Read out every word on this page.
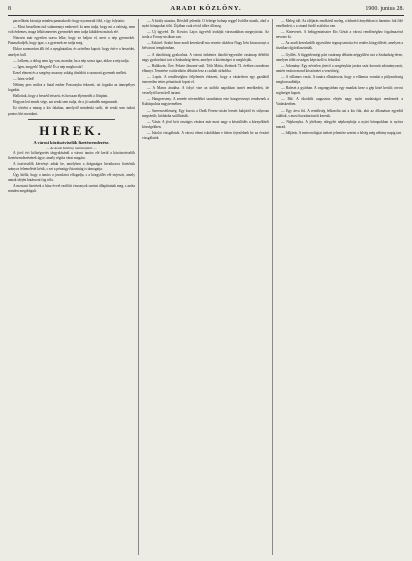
8	ARADI KÖZLÖNY.	1900. junius 28.

parcellázás kiosztja minden panaszkodó: hogy nyomorult föld, s így folytatta:

— Most beszéltem tud valamennyi emberrel: ki nem tudja, hogy mi a valóság, nem volt érdemes, maga lelkiismeretes gyermekét nem tudja kiküldeni mások elé.

Nincsen már egyetlen szava lelke, hogy ez haljon el, mert a nép gyermekét. Panaszkodjék, hogy igaz, s a gyermek ne tudja meg.

Ekkor szomorúan állt fel a nyughatatlan, és szívéhez kapott: hogy érti-e a beszédet, amelyet hall.

— Lelkem, a dolog nem így van, mondta; ha a nép szava igaz, akkor a nép tudja.

— Igen, megyek! Megyek! És a nép megbocsát!

Ezzel elment és a szegény asszony sokáig tűnődött a szomorú gyermek mellett.

— Isten veled!

Néhány perc múlva a fiatal ember Pozsonyba érkezett, ott fogadta az ünnepélyes fogadás.

Hallottuk, hogy a beszéd tetszett, és hosszan éljenezték a főispánt.

Hogyan lett ennek vége, azt senki sem tudja, de a jó szándék megmaradt.

Ez történt a minap a kis faluban, amelyről mindenki szólt, de senki sem tudott pontos hírt mondani.

HIREK.
A városi köztisztviselők fizetésrendezése.
— Az Aradi Közlöny tudósítójától. —

A jövő évi költségvetés tárgyalásánál a városi tanács elé kerül a köztisztviselők fizetésrendezésének ügye, amely régóta várat magára.

A tisztviselők kérvényt adtak be, amelyben a drágaságra hivatkozva fizetésük arányos felemelését kérik, s ezt a pénzügyi bizottság is támogatja.

Úgy hírlik, hogy a tanács a javaslatot elfogadja, s a közgyűlés elé terjeszti, amely annak idején határozni fog róla.

A mostani fizetések a húsz évvel ezelőtti viszonyok szerint állapíttattak meg, s azóta minden megdrágult.

— A király utazása. Bécsből jelentik: Ő felsége holnap reggel Ischlbe utazik, ahol a nyári hónapokat tölti. Útjában csak rövid időre áll meg.

— Uj ügyvéd. Dr. Kovács Lajos ügyvédi irodáját városunkban megnyitotta. Az iroda a Forray-utcában van.

— Esküvő. Szabó Imre aradi kereskedő ma vezette oltárhoz Nagy Irén kisasszonyt a belvárosi templomban.

— A tűzoltóság gyakorlata. A városi önkéntes tűzoltó-egyesület vasárnap délelőtt nagy gyakorlatot tart a Szabadság-téren, amelyre a közönséget is meghívják.

— Halálozás. Özv. Fekete Jánosné szül. Tóth Mária, életének 72. évében csendesen elhunyt. Temetése csütörtökön délután lesz a családi sírboltba.

— Lopás. A rendőrséghez feljelentés érkezett, hogy a vásártéren egy gazdától ismeretlen tettes pénztárcát lopott el.

— A Maros áradása. A folyó vize az utóbbi napokban ismét emelkedett, de veszélytől nem kell tartani.

— Hangverseny. A zenede növendékei szombaton este hangversenyt rendeznek a Kultúrpalota nagytermében.

— Szerencsétlenség. Egy kocsis a Deák Ferenc-utcán leesett bakjáról és súlyosan megsérült; kórházba szállították.

— Vásár. A jövő heti országos vásárra már most nagy a készülődés a környékbeli községekben.

— Iskolai vizsgálatok. A városi elemi iskolákban e héten fejeződnek be az évzáró vizsgálatok.

— Meleg idő. Az időjárás rendkívül meleg, a hőmérő árnyékban is harminc fok fölé emelkedett, s a strand fürdő zsúfolva van.

— Kinevezés. A belügyminiszter Kis Gézát a városi rendőrséghez fogalmazóvá nevezte ki.

— Az aradi kereskedők egyesülete tegnap tartotta évi rendes közgyűlését, amelyen a tisztikart újjáválasztották.

— Gyűlés. A függetlenségi párt vasárnap délután népgyűlést tart a Szabadság-téren, amelyen több országos képviselő is felszólal.

— Adomány. Egy névtelen jótevő a szegényház javára száz koronát adományozott, amiért ezúton mond köszönetet a vezetőség.

— A villamos vasút. A tanács elhatározta, hogy a villamos vonalat a pályaudvarig meghosszabbítja.

— Baleset a gyárban. A vagongyárban egy munkás keze a gép közé került; orvosi segítséget kapott.

— Bál. A tűzoltók augusztus elején nagy nyári mulatságot rendeznek a Vadaskertben.

— Egy árva fiú. A rendőrség felkarolta azt a kis fiút, akit az állomáson egyedül találtak, s most hozzátartozóit keresik.

— Népkonyha. A jótékony nőegylet népkonyhája a nyári hónapokban is nyitva marad.

— Időjárás. A meteorológiai intézet jelentése szerint a hőség még néhány napig tart.
